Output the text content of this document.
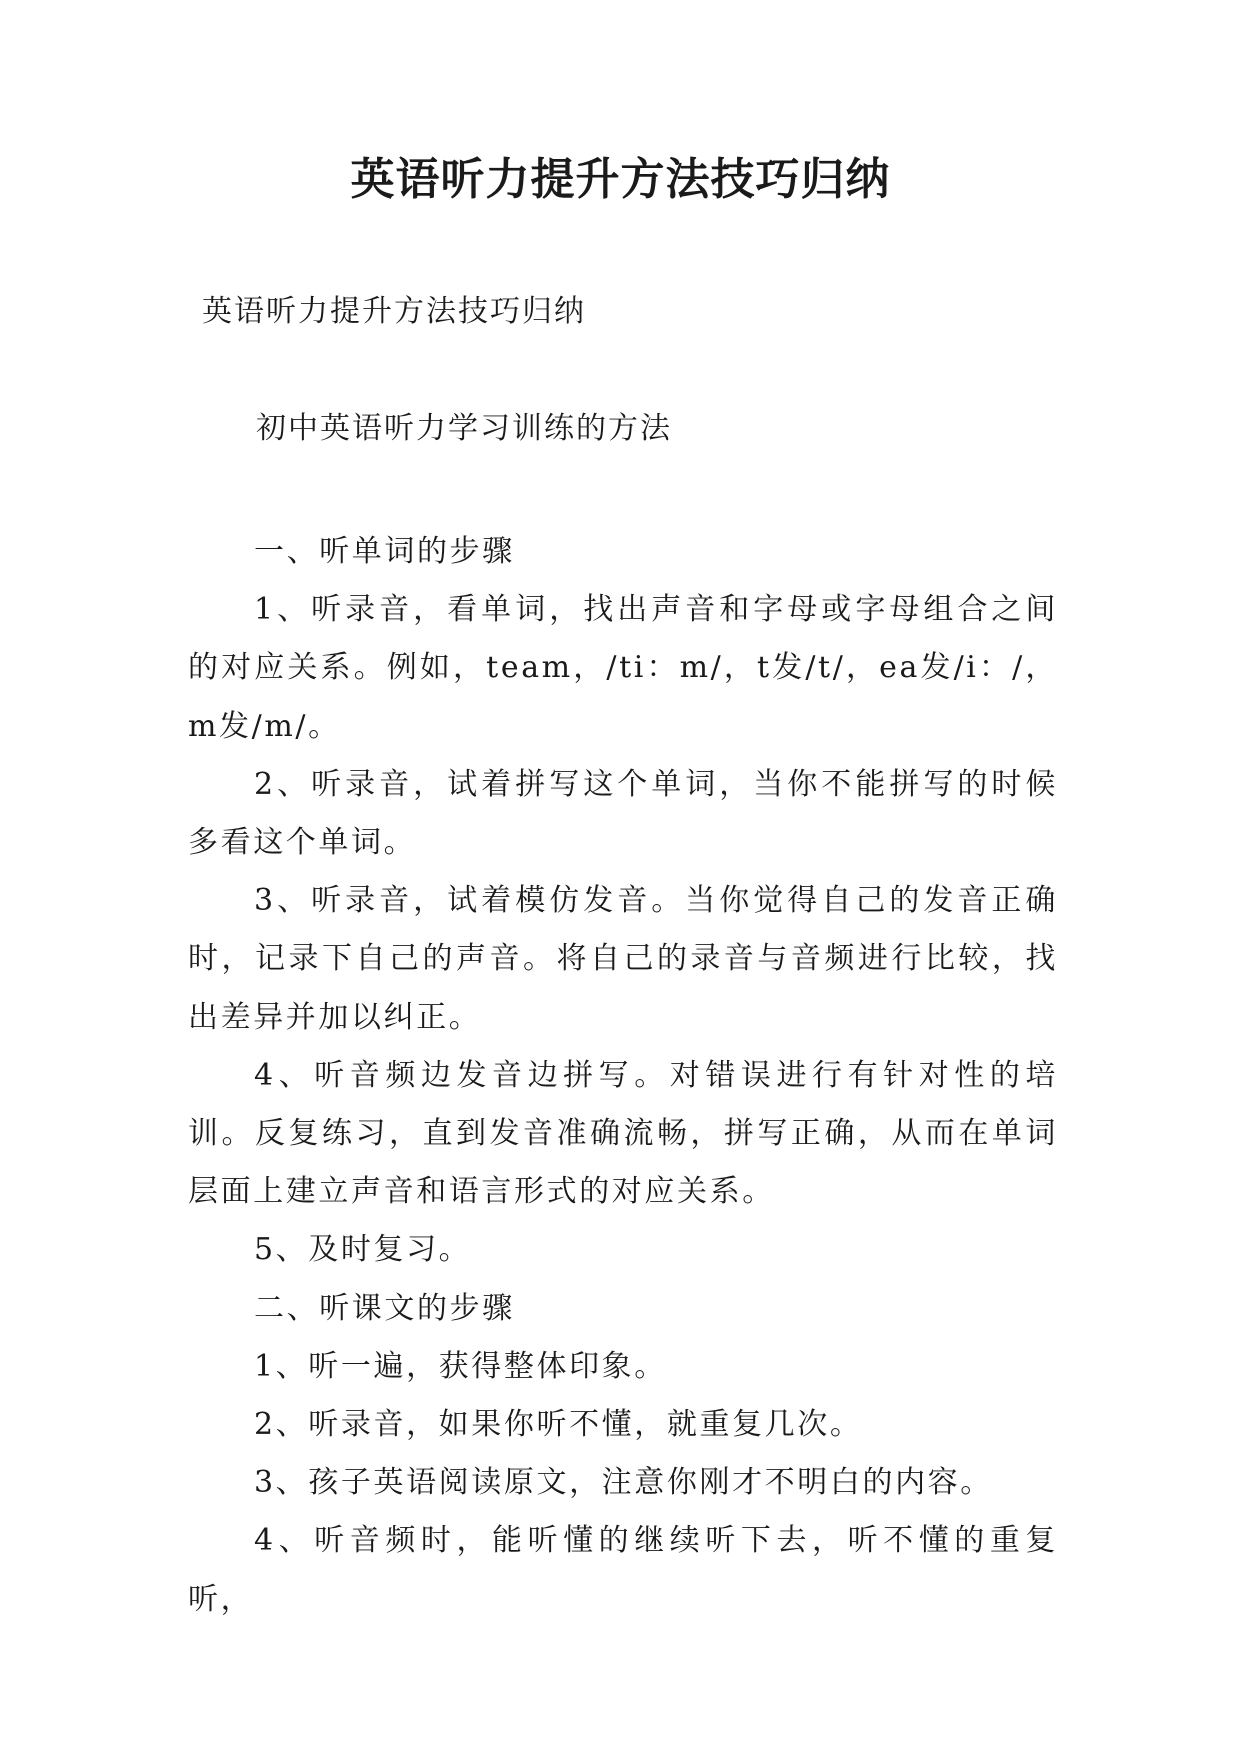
英语听力提升方法技巧归纳

英语听力提升方法技巧归纳

初中英语听力学习训练的方法

一、听单词的步骤

1、听录音，看单词，找出声音和字母或字母组合之间的对应关系。例如，team，/ti：m/，t发/t/，ea发/i：/，m发/m/。

2、听录音，试着拼写这个单词，当你不能拼写的时候多看这个单词。

3、听录音，试着模仿发音。当你觉得自己的发音正确时，记录下自己的声音。将自己的录音与音频进行比较，找出差异并加以纠正。

4、听音频边发音边拼写。对错误进行有针对性的培训。反复练习，直到发音准确流畅，拼写正确，从而在单词层面上建立声音和语言形式的对应关系。

5、及时复习。

二、听课文的步骤

1、听一遍，获得整体印象。

2、听录音，如果你听不懂，就重复几次。

3、孩子英语阅读原文，注意你刚才不明白的内容。

4、听音频时，能听懂的继续听下去，听不懂的重复听，
